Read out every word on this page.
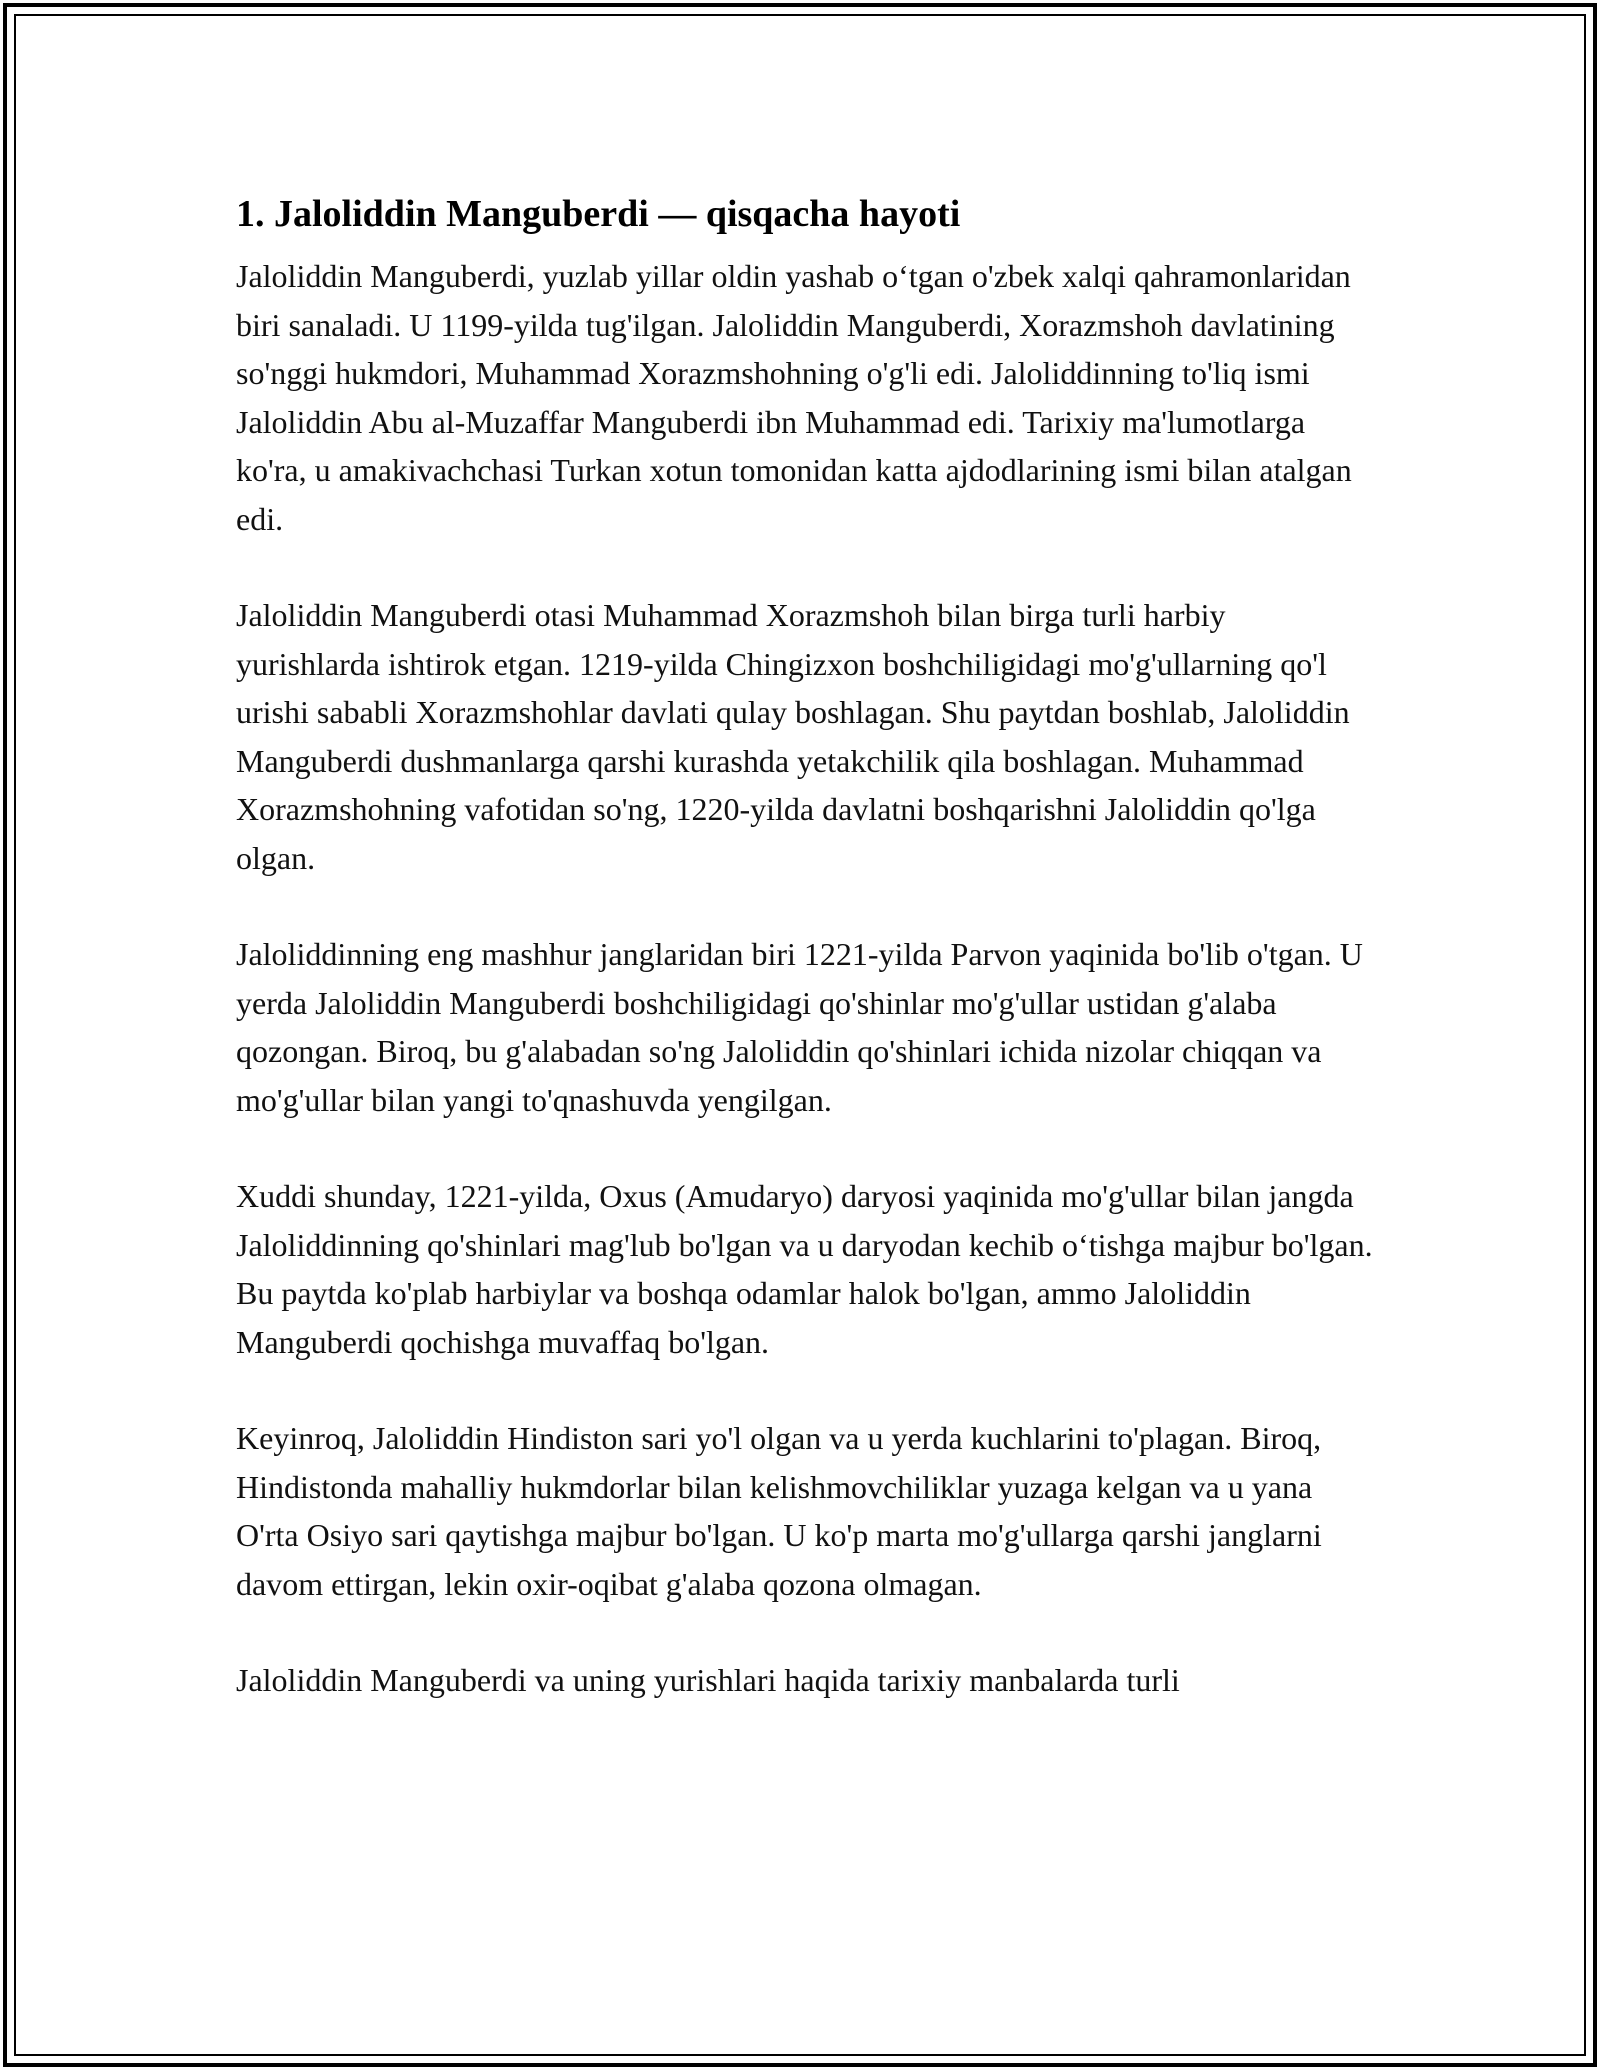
1. Jaloliddin Manguberdi — qisqacha hayoti

Jaloliddin Manguberdi, yuzlab yillar oldin yashab o‘tgan o'zbek xalqi qahramonlaridan biri sanaladi. U 1199-yilda tug'ilgan. Jaloliddin Manguberdi, Xorazmshoh davlatining so'nggi hukmdori, Muhammad Xorazmshohning o'g'li edi. Jaloliddinning to'liq ismi Jaloliddin Abu al-Muzaffar Manguberdi ibn Muhammad edi. Tarixiy ma'lumotlarga ko'ra, u amakivachchasi Turkan xotun tomonidan katta ajdodlarining ismi bilan atalgan edi.

Jaloliddin Manguberdi otasi Muhammad Xorazmshoh bilan birga turli harbiy yurishlarda ishtirok etgan. 1219-yilda Chingizxon boshchiligidagi mo'g'ullarning qo'l urishi sababli Xorazmshohlar davlati qulay boshlagan. Shu paytdan boshlab, Jaloliddin Manguberdi dushmanlarga qarshi kurashda yetakchilik qila boshlagan. Muhammad Xorazmshohning vafotidan so'ng, 1220-yilda davlatni boshqarishni Jaloliddin qo'lga olgan.

Jaloliddinning eng mashhur janglaridan biri 1221-yilda Parvon yaqinida bo'lib o'tgan. U yerda Jaloliddin Manguberdi boshchiligidagi qo'shinlar mo'g'ullar ustidan g'alaba qozongan. Biroq, bu g'alabadan so'ng Jaloliddin qo'shinlari ichida nizolar chiqqan va mo'g'ullar bilan yangi to'qnashuvda yengilgan.

Xuddi shunday, 1221-yilda, Oxus (Amudaryo) daryosi yaqinida mo'g'ullar bilan jangda Jaloliddinning qo'shinlari mag'lub bo'lgan va u daryodan kechib o‘tishga majbur bo'lgan. Bu paytda ko'plab harbiylar va boshqa odamlar halok bo'lgan, ammo Jaloliddin Manguberdi qochishga muvaffaq bo'lgan.

Keyinroq, Jaloliddin Hindiston sari yo'l olgan va u yerda kuchlarini to'plagan. Biroq, Hindistonda mahalliy hukmdorlar bilan kelishmovchiliklar yuzaga kelgan va u yana O'rta Osiyo sari qaytishga majbur bo'lgan. U ko'p marta mo'g'ullarga qarshi janglarni davom ettirgan, lekin oxir-oqibat g'alaba qozona olmagan.

Jaloliddin Manguberdi va uning yurishlari haqida tarixiy manbalarda turli
